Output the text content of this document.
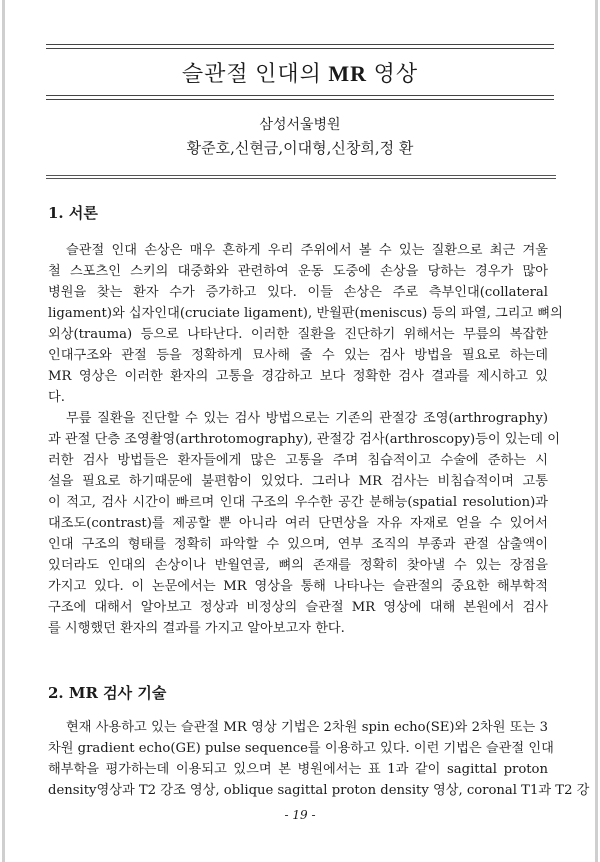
슬관절 인대의 MR 영상
삼성서울병원
황준호,신현금,이대형,신창희,정 환
1. 서론
슬관절 인대 손상은 매우 흔하게 우리 주위에서 볼 수 있는 질환으로 최근 겨울
철 스포츠인 스키의 대중화와 관련하여 운동 도중에 손상을 당하는 경우가 많아
병원을 찾는 환자 수가 증가하고 있다. 이들 손상은 주로 측부인대(collateral
ligament)와 십자인대(cruciate ligament), 반월판(meniscus) 등의 파열, 그리고 뼈의
외상(trauma) 등으로 나타난다. 이러한 질환을 진단하기 위해서는 무릎의 복잡한
인대구조와 관절 등을 정확하게 묘사해 줄 수 있는 검사 방법을 필요로 하는데
MR 영상은 이러한 환자의 고통을 경감하고 보다 정확한 검사 결과를 제시하고 있
다.
무릎 질환을 진단할 수 있는 검사 방법으로는 기존의 관절강 조영(arthrography)
과 관절 단층 조영촬영(arthrotomography), 관절강 검사(arthroscopy)등이 있는데 이
러한 검사 방법들은 환자들에게 많은 고통을 주며 침습적이고 수술에 준하는 시
설을 필요로 하기때문에 불편함이 있었다. 그러나 MR 검사는 비침습적이며 고통
이 적고, 검사 시간이 빠르며 인대 구조의 우수한 공간 분해능(spatial resolution)과
대조도(contrast)를 제공할 뿐 아니라 여러 단면상을 자유 자재로 얻을 수 있어서
인대 구조의 형태를 정확히 파악할 수 있으며, 연부 조직의 부종과 관절 삼출액이
있더라도 인대의 손상이나 반월연골, 뼈의 존재를 정확히 찾아낼 수 있는 장점을
가지고 있다. 이 논문에서는 MR 영상을 통해 나타나는 슬관절의 중요한 해부학적
구조에 대해서 알아보고 정상과 비정상의 슬관절 MR 영상에 대해 본원에서 검사
를 시행했던 환자의 결과를 가지고 알아보고자 한다.
2. MR 검사 기술
현재 사용하고 있는 슬관절 MR 영상 기법은 2차원 spin echo(SE)와 2차원 또는 3
차원 gradient echo(GE) pulse sequence를 이용하고 있다. 이런 기법은 슬관절 인대
해부학을 평가하는데 이용되고 있으며 본 병원에서는 표 1과 같이 sagittal proton
density영상과 T2 강조 영상, oblique sagittal proton density 영상, coronal T1과 T2 강
- 19 -
